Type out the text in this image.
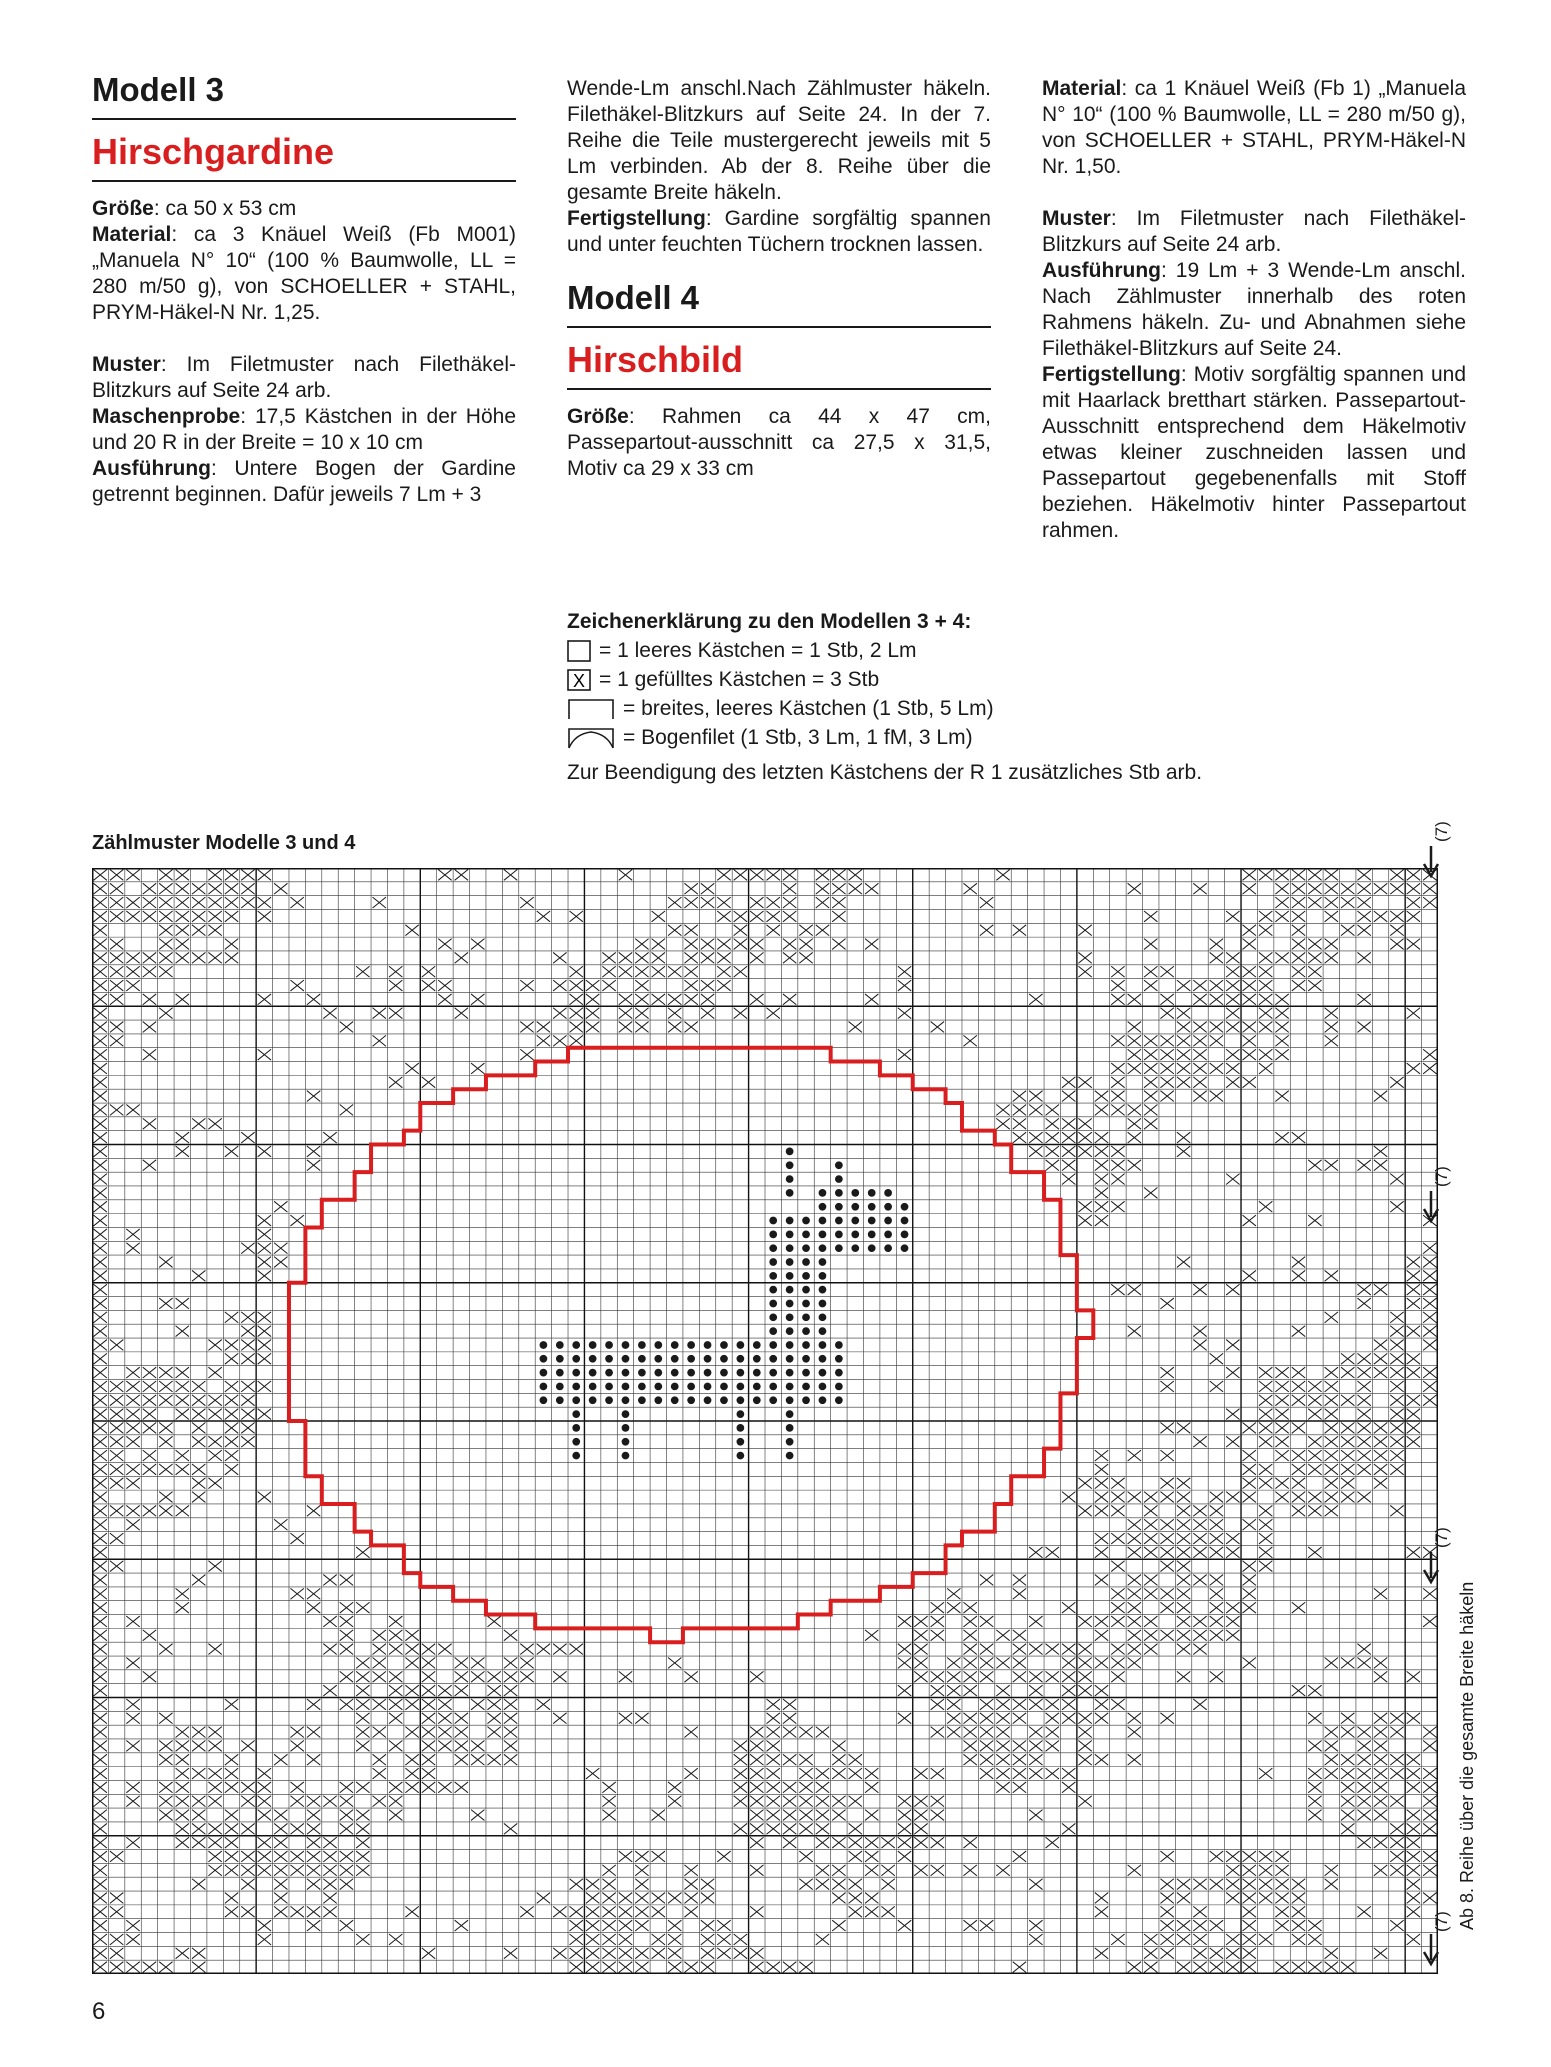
Modell 3

Hirschgardine

Größe: ca 50 x 53 cm

Material: ca 3 Knäuel Weiß (Fb M001) „Manuela N° 10“ (100 % Baumwolle, LL = 280 m/50 g), von SCHOELLER + STAHL, PRYM-Häkel-N Nr. 1,25.

Muster: Im Filetmuster nach Filethäkel-Blitzkurs auf Seite 24 arb.

Maschenprobe: 17,5 Kästchen in der Höhe und 20 R in der Breite = 10 x 10 cm

Ausführung: Untere Bogen der Gardine getrennt beginnen. Dafür jeweils 7 Lm + 3

Wende-Lm anschl.Nach Zählmuster häkeln. Filethäkel-Blitzkurs auf Seite 24. In der 7. Reihe die Teile mustergerecht jeweils mit 5 Lm verbinden. Ab der 8. Reihe über die gesamte Breite häkeln.

Fertigstellung: Gardine sorgfältig spannen und unter feuchten Tüchern trocknen lassen.

Modell 4

Hirschbild

Größe: Rahmen ca 44 x 47 cm, Passepartout-ausschnitt ca 27,5 x 31,5, Motiv ca 29 x 33 cm

Material: ca 1 Knäuel Weiß (Fb 1) „Manuela N° 10“ (100 % Baumwolle, LL = 280 m/50 g), von SCHOELLER + STAHL, PRYM-Häkel-N Nr. 1,50.

Muster: Im Filetmuster nach Filethäkel-Blitzkurs auf Seite 24 arb.

Ausführung: 19 Lm + 3 Wende-Lm anschl. Nach Zählmuster innerhalb des roten Rahmens häkeln. Zu- und Abnahmen siehe Filethäkel-Blitzkurs auf Seite 24.

Fertigstellung: Motiv sorgfältig spannen und mit Haarlack bretthart stärken. Passepartout-Ausschnitt entsprechend dem Häkelmotiv etwas kleiner zuschneiden lassen und Passepartout gegebenenfalls mit Stoff beziehen. Häkelmotiv hinter Passepartout rahmen.

Zeichenerklärung zu den Modellen 3 + 4:
= 1 leeres Kästchen = 1 Stb, 2 Lm
X = 1 gefülltes Kästchen = 3 Stb
= breites, leeres Kästchen (1 Stb, 5 Lm)
= Bogenfilet (1 Stb, 3 Lm, 1 fM, 3 Lm)
Zur Beendigung des letzten Kästchens der R 1 zusätzliches Stb arb.
Zählmuster Modelle 3 und 4
(7)
(7)
(7)
(7) Ab 8. Reihe über die gesamte Breite häkeln
6
